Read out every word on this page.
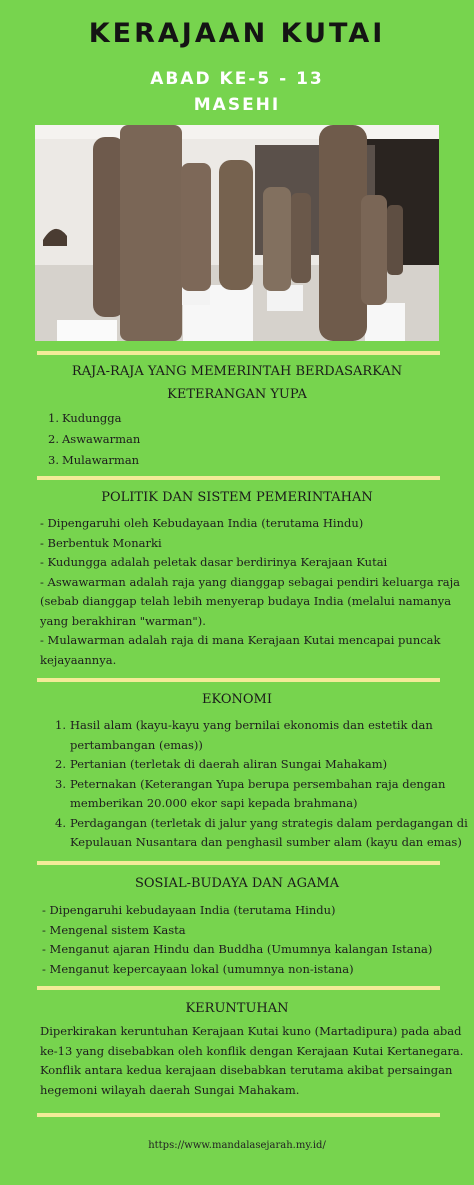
KERAJAAN KUTAI
ABAD KE-5 - 13
MASEHI
RAJA-RAJA YANG MEMERINTAH BERDASARKAN
KETERANGAN YUPA
1. Kudungga
2. Aswawarman
3. Mulawarman
POLITIK DAN SISTEM PEMERINTAHAN
- Dipengaruhi oleh Kebudayaan India (terutama Hindu)
- Berbentuk Monarki
- Kudungga adalah peletak dasar berdirinya Kerajaan Kutai
- Aswawarman adalah raja yang dianggap sebagai pendiri keluarga raja
(sebab dianggap telah lebih menyerap budaya India (melalui namanya
yang berakhiran "warman").
- Mulawarman adalah raja di mana Kerajaan Kutai mencapai puncak
kejayaannya.
EKONOMI
1. Hasil alam (kayu-kayu yang bernilai ekonomis dan estetik dan
pertambangan (emas))
2. Pertanian (terletak di daerah aliran Sungai Mahakam)
3. Peternakan (Keterangan Yupa berupa persembahan raja dengan
memberikan 20.000 ekor sapi kepada brahmana)
4. Perdagangan (terletak di jalur yang strategis dalam perdagangan di
Kepulauan Nusantara dan penghasil sumber alam (kayu dan emas)
SOSIAL-BUDAYA DAN AGAMA
- Dipengaruhi kebudayaan India (terutama Hindu)
- Mengenal sistem Kasta
- Menganut ajaran Hindu dan Buddha (Umumnya kalangan Istana)
- Menganut kepercayaan lokal (umumnya non-istana)
KERUNTUHAN
Diperkirakan keruntuhan Kerajaan Kutai kuno (Martadipura) pada abad
ke-13 yang disebabkan oleh konflik dengan Kerajaan Kutai Kertanegara.
Konflik antara kedua kerajaan disebabkan terutama akibat persaingan
hegemoni wilayah daerah Sungai Mahakam.
https://www.mandalasejarah.my.id/
